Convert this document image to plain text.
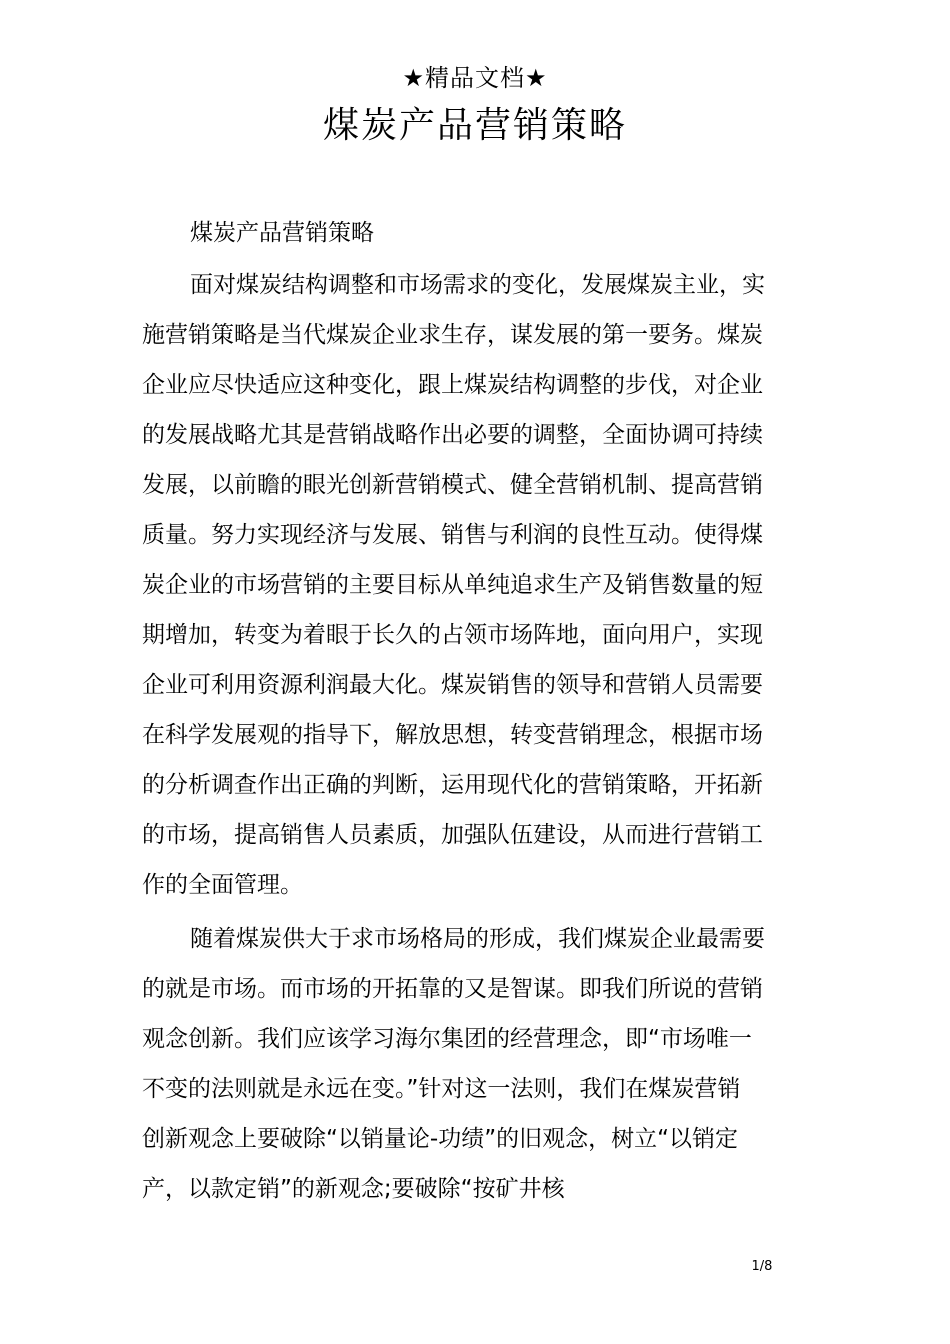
★精品文档★
煤炭产品营销策略
煤炭产品营销策略
面对煤炭结构调整和市场需求的变化，发展煤炭主业，实
施营销策略是当代煤炭企业求生存，谋发展的第一要务。煤炭
企业应尽快适应这种变化，跟上煤炭结构调整的步伐，对企业
的发展战略尤其是营销战略作出必要的调整，全面协调可持续
发展，以前瞻的眼光创新营销模式、健全营销机制、提高营销
质量。努力实现经济与发展、销售与利润的良性互动。使得煤
炭企业的市场营销的主要目标从单纯追求生产及销售数量的短
期增加，转变为着眼于长久的占领市场阵地，面向用户，实现
企业可利用资源利润最大化。煤炭销售的领导和营销人员需要
在科学发展观的指导下，解放思想，转变营销理念，根据市场
的分析调查作出正确的判断，运用现代化的营销策略，开拓新
的市场，提高销售人员素质，加强队伍建设，从而进行营销工
作的全面管理。
随着煤炭供大于求市场格局的形成，我们煤炭企业最需要
的就是市场。而市场的开拓靠的又是智谋。即我们所说的营销
观念创新。我们应该学习海尔集团的经营理念，即“市场唯一
不变的法则就是永远在变。”针对这一法则，我们在煤炭营销
创新观念上要破除“以销量论-功绩”的旧观念，树立“以销定
产，以款定销”的新观念;要破除“按矿井核
1/8
